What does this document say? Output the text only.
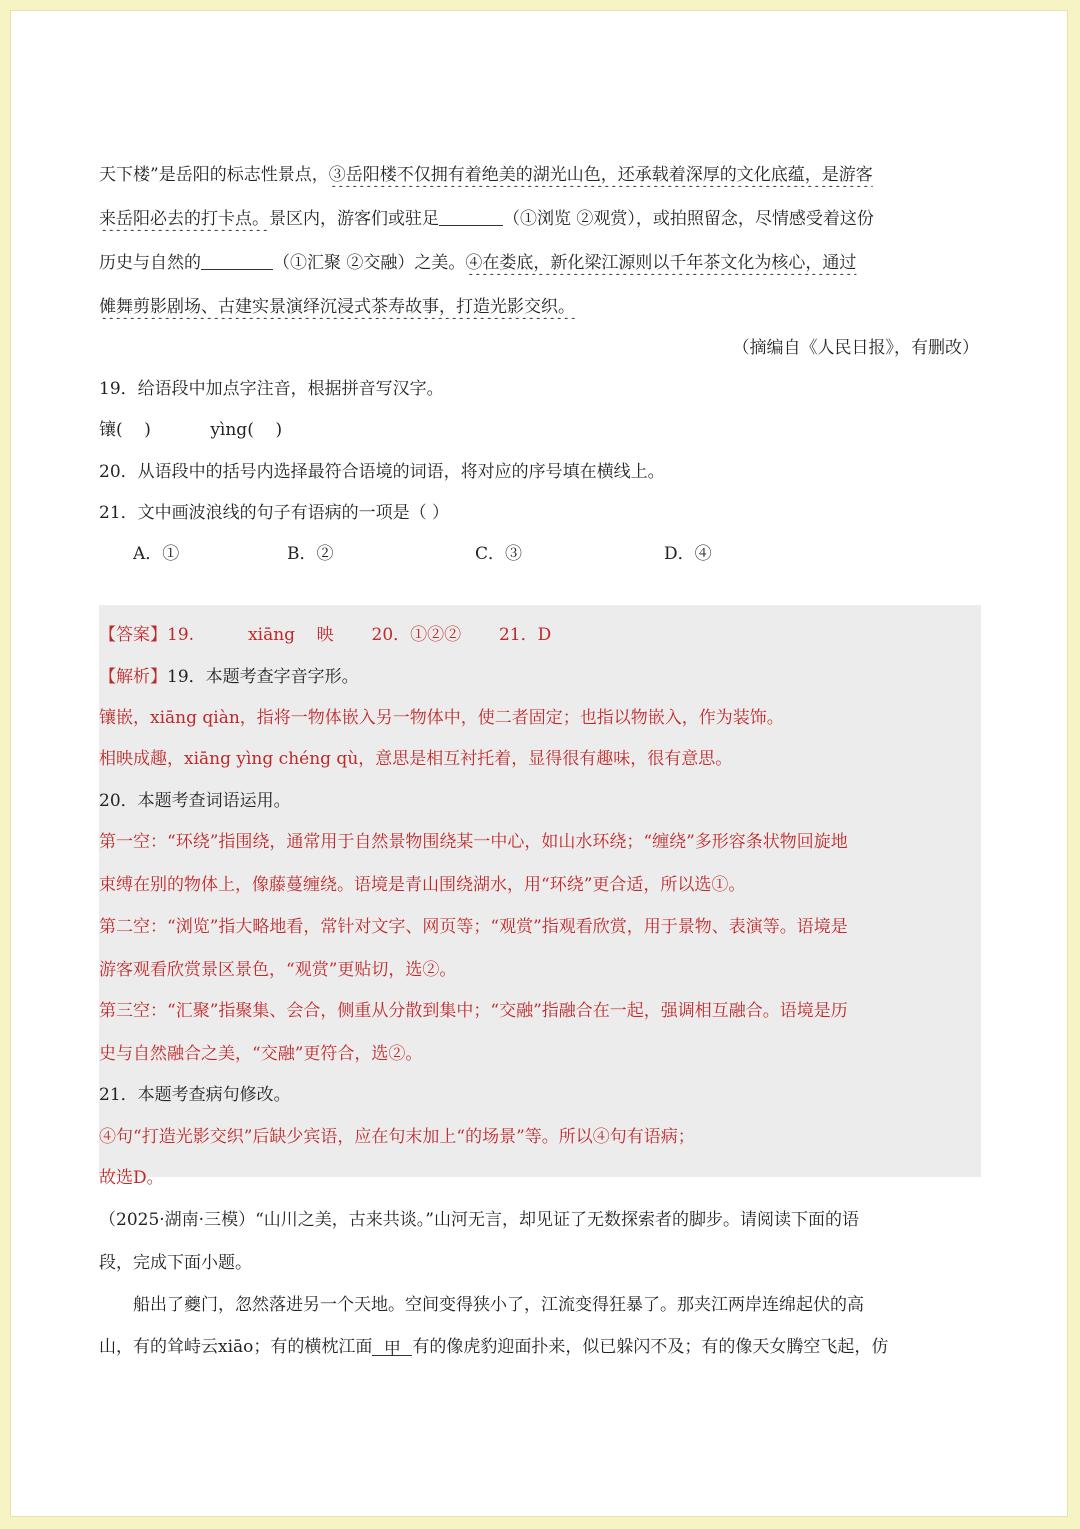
天下楼”是岳阳的标志性景点，③岳阳楼不仅拥有着绝美的湖光山色，还承载着深厚的文化底蕴，是游客
来岳阳必去的打卡点。景区内，游客们或驻足	（①浏览 ②观赏），或拍照留念，尽情感受着这份
历史与自然的	（①汇聚 ②交融）之美。④在娄底，新化梁江源则以千年茶文化为核心，通过
傩舞剪影剧场、古建实景演绎沉浸式茶寿故事，打造光影交织。
（摘编自《人民日报》，有删改）
19．给语段中加点字注音，根据拼音写汉字。
镶(    )           yìng(    )
20．从语段中的括号内选择最符合语境的词语，将对应的序号填在横线上。
21．文中画波浪线的句子有语病的一项是（ ）
A．①	B．②	C．③	D．④
【答案】19.          xiāng    映       20．①②②       21．D
【解析】19．本题考查字音字形。
镶嵌，xiāng qiàn，指将一物体嵌入另一物体中，使二者固定；也指以物嵌入，作为装饰。
相映成趣，xiāng yìng chéng qù，意思是相互衬托着，显得很有趣味，很有意思。
20．本题考查词语运用。
第一空：“环绕”指围绕，通常用于自然景物围绕某一中心，如山水环绕；“缠绕”多形容条状物回旋地
束缚在别的物体上，像藤蔓缠绕。语境是青山围绕湖水，用“环绕”更合适，所以选①。
第二空：“浏览”指大略地看，常针对文字、网页等；“观赏”指观看欣赏，用于景物、表演等。语境是
游客观看欣赏景区景色，“观赏”更贴切，选②。
第三空：“汇聚”指聚集、会合，侧重从分散到集中；“交融”指融合在一起，强调相互融合。语境是历
史与自然融合之美，“交融”更符合，选②。
21．本题考查病句修改。
④句“打造光影交织”后缺少宾语，应在句末加上“的场景”等。所以④句有语病；
故选D。
（2025·湖南·三模）“山川之美，古来共谈。”山河无言，却见证了无数探索者的脚步。请阅读下面的语
段，完成下面小题。
　　船出了夔门，忽然落进另一个天地。空间变得狭小了，江流变得狂暴了。那夹江两岸连绵起伏的高
山，有的耸峙云xiāo；有的横枕江面 甲 有的像虎豹迎面扑来，似已躲闪不及；有的像天女腾空飞起，仿
